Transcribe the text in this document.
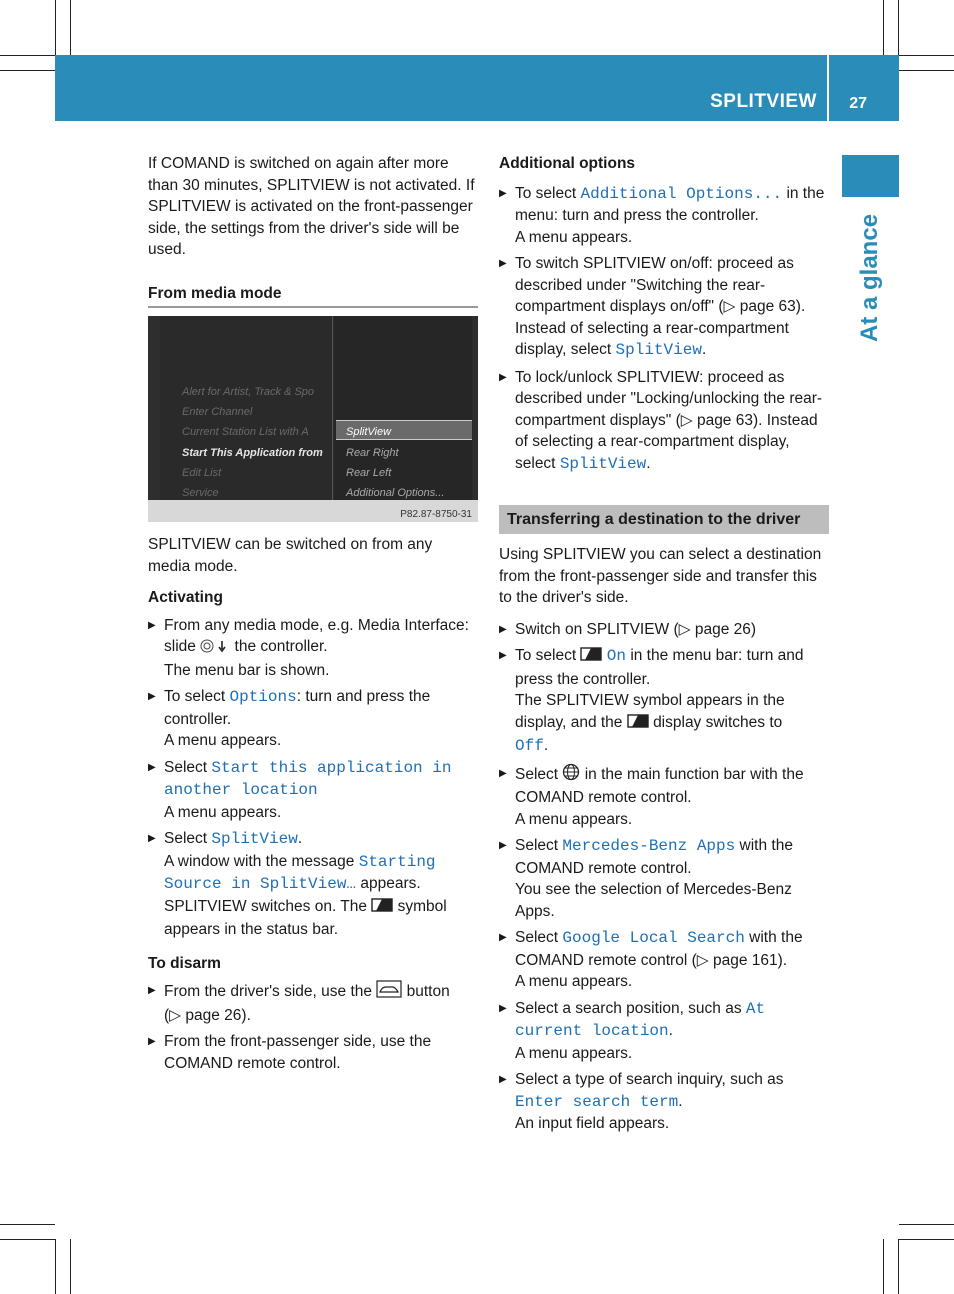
SPLITVIEW 27
At a glance

If COMAND is switched on again after more than 30 minutes, SPLITVIEW is not activated. If SPLITVIEW is activated on the front-passenger side, the settings from the driver's side will be used.

From media mode
Alert for Artist, Track & Spo
Enter Channel
Current Station List with A
Start This Application from
Edit List
Service
SplitView
Rear Right
Rear Left
Additional Options...
P82.87-8750-31

SPLITVIEW can be switched on from any media mode.

Activating
▶ From any media mode, e.g. Media Interface: slide the controller.
The menu bar is shown.
▶ To select Options: turn and press the controller.
A menu appears.
▶ Select Start this application in another location
A menu appears.
▶ Select SplitView.
A window with the message Starting Source in SplitView… appears.
SPLITVIEW switches on. The symbol appears in the status bar.
To disarm
▶ From the driver's side, use the button
(▷ page 26).
▶ From the front-passenger side, use the COMAND remote control.
Additional options
▶ To select Additional Options... in the menu: turn and press the controller.
A menu appears.
▶ To switch SPLITVIEW on/off: proceed as described under "Switching the rear-compartment displays on/off" (▷ page 63). Instead of selecting a rear-compartment display, select SplitView.
▶ To lock/unlock SPLITVIEW: proceed as described under "Locking/unlocking the rear-compartment displays" (▷ page 63). Instead of selecting a rear-compartment display, select SplitView.
Transferring a destination to the driver

Using SPLITVIEW you can select a destination from the front-passenger side and transfer this to the driver's side.

▶ Switch on SPLITVIEW (▷ page 26)
▶ To select On in the menu bar: turn and press the controller.
The SPLITVIEW symbol appears in the display, and the display switches to
Off.
▶ Select in the main function bar with the COMAND remote control.
A menu appears.
▶ Select Mercedes-Benz Apps with the COMAND remote control.
You see the selection of Mercedes-Benz Apps.
▶ Select Google Local Search with the COMAND remote control (▷ page 161).
A menu appears.
▶ Select a search position, such as At current location.
A menu appears.
▶ Select a type of search inquiry, such as Enter search term.
An input field appears.
